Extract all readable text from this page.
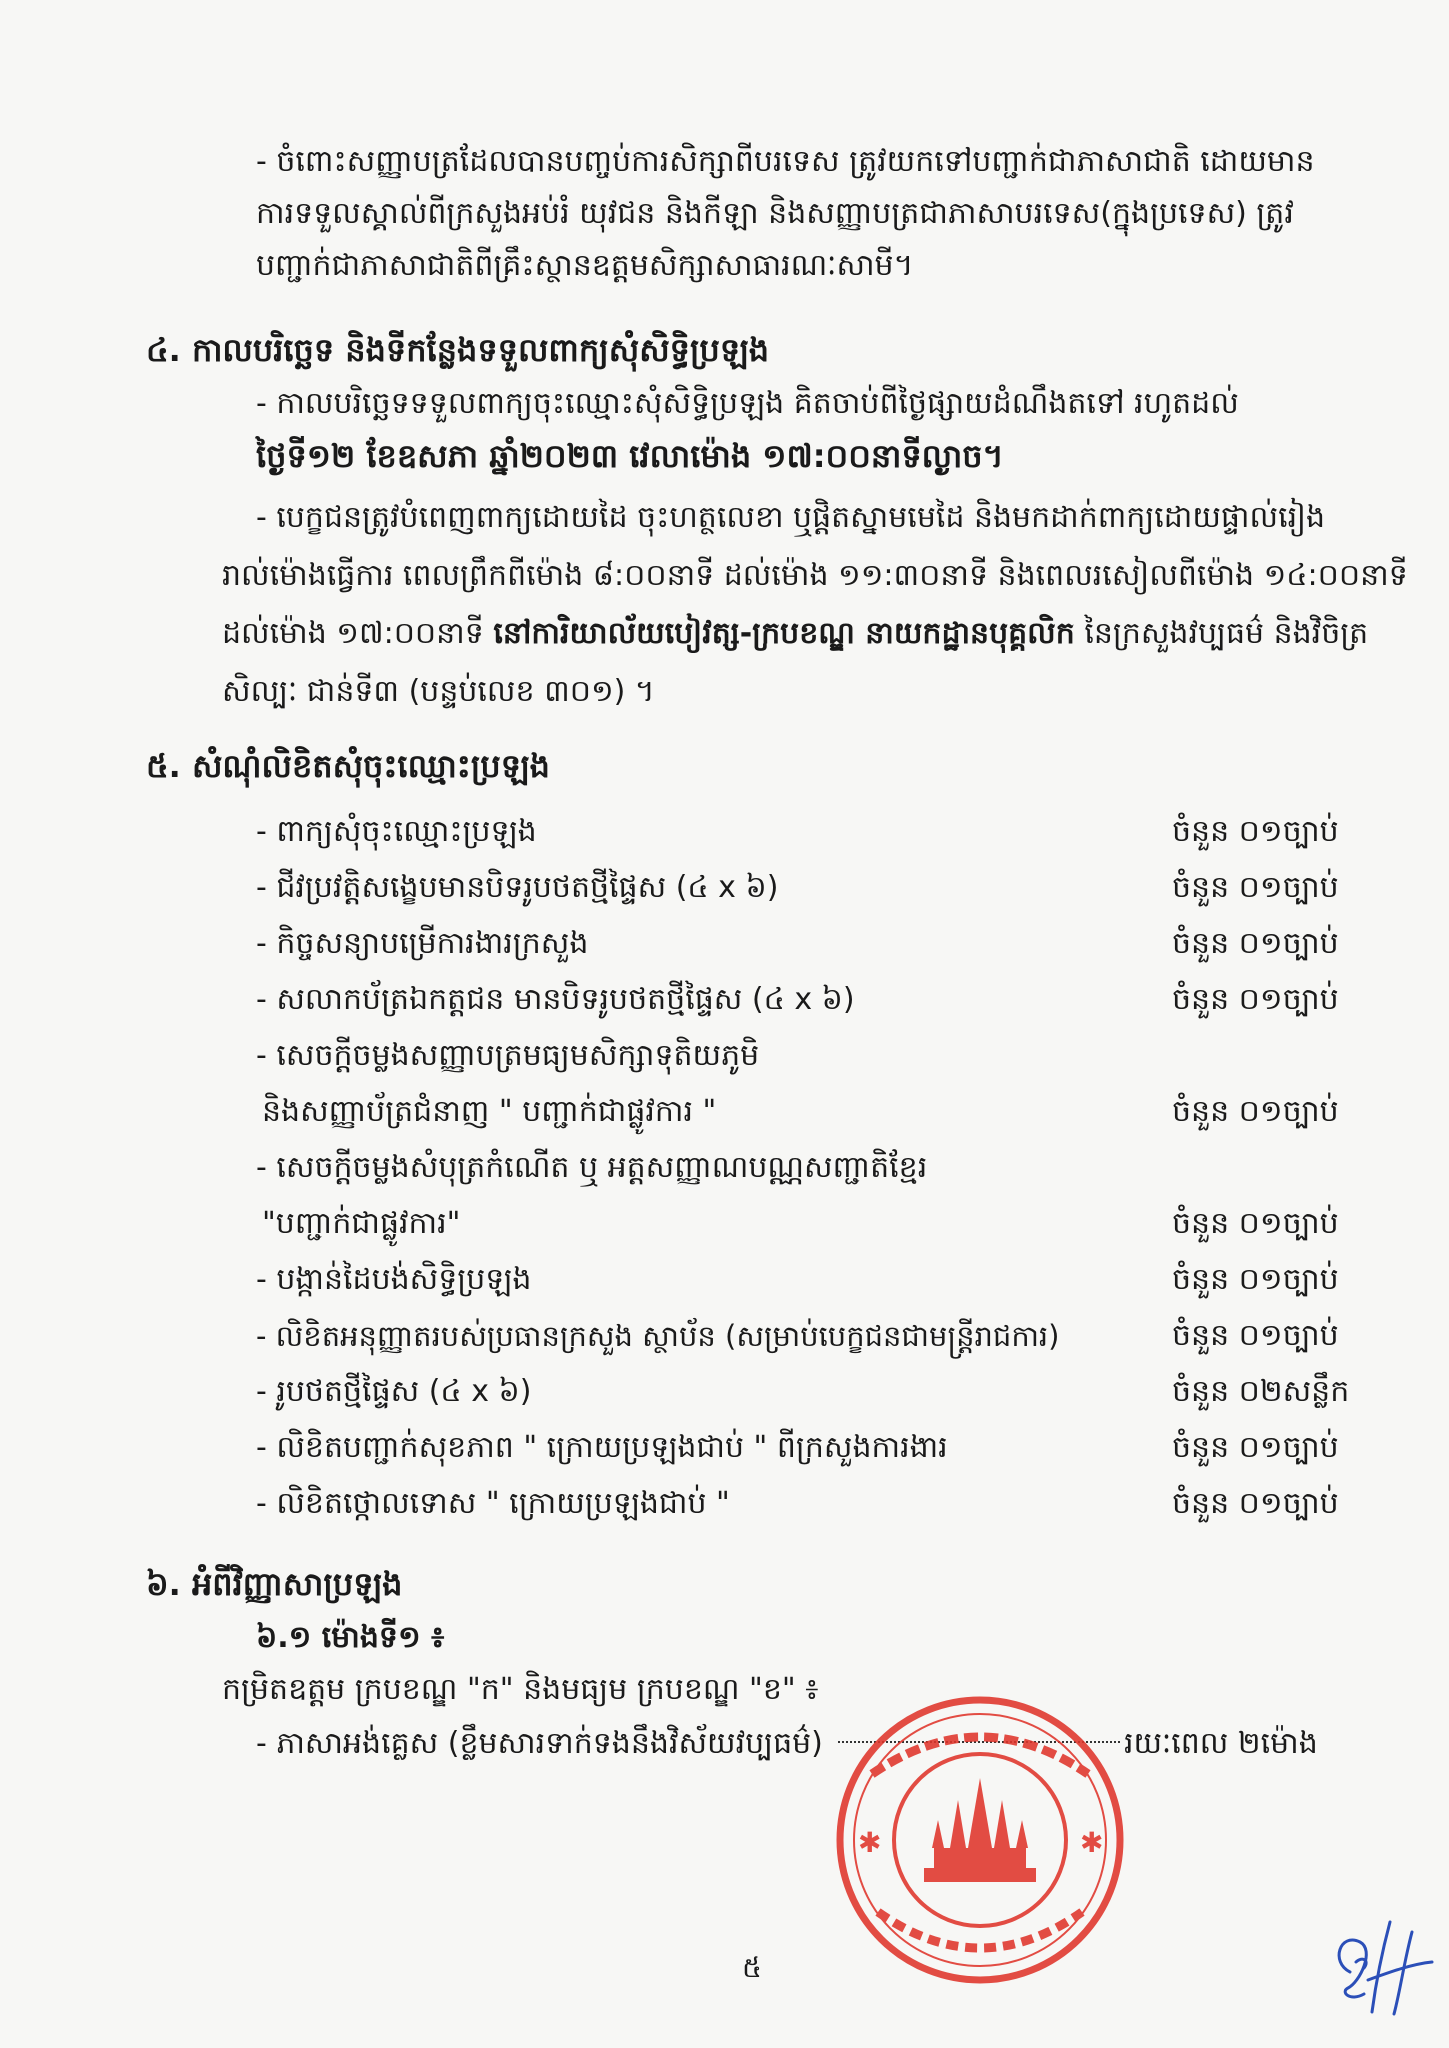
- ចំពោះសញ្ញាបត្រដែលបានបញ្ចប់ការសិក្សាពីបរទេស ត្រូវយកទៅបញ្ជាក់ជាភាសាជាតិ ដោយមាន
ការទទួលស្គាល់ពីក្រសួងអប់រំ យុវជន និងកីឡា និងសញ្ញាបត្រជាភាសាបរទេស(ក្នុងប្រទេស) ត្រូវ
បញ្ជាក់ជាភាសាជាតិពីគ្រឹះស្ថានឧត្តមសិក្សាសាធារណៈសាមី។
៤. កាលបរិច្ឆេទ និងទីកន្លែងទទួលពាក្យសុំសិទ្ធិប្រឡង
- កាលបរិច្ឆេទទទួលពាក្យចុះឈ្មោះសុំសិទ្ធិប្រឡង គិតចាប់ពីថ្ងៃផ្សាយដំណឹងតទៅ រហូតដល់
ថ្ងៃទី១២ ខែឧសភា ឆ្នាំ២០២៣ វេលាម៉ោង ១៧:០០នាទីល្ងាច។
- បេក្ខជនត្រូវបំពេញពាក្យដោយដៃ ចុះហត្ថលេខា ឬផ្តិតស្នាមមេដៃ និងមកដាក់ពាក្យដោយផ្ទាល់រៀង
រាល់ម៉ោងធ្វើការ ពេលព្រឹកពីម៉ោង ៨:០០នាទី ដល់ម៉ោង ១១:៣០នាទី និងពេលរសៀលពីម៉ោង ១៤:០០នាទី
ដល់ម៉ោង ១៧:០០នាទី នៅការិយាល័យបៀវត្ស-ក្របខណ្ឌ នាយកដ្ឋានបុគ្គលិក នៃក្រសួងវប្បធម៌ និងវិចិត្រ
សិល្បៈ ជាន់ទី៣ (បន្ទប់លេខ ៣០១) ។
៥. សំណុំលិខិតសុំចុះឈ្មោះប្រឡង
- ពាក្យសុំចុះឈ្មោះប្រឡង	ចំនួន ០១ច្បាប់
- ជីវប្រវត្តិសង្ខេបមានបិទរូបថតថ្មីផ្ទៃស (៤ x ៦)	ចំនួន ០១ច្បាប់
- កិច្ចសន្យាបម្រើការងារក្រសួង	ចំនួន ០១ច្បាប់
- សលាកប័ត្រឯកត្តជន មានបិទរូបថតថ្មីផ្ទៃស (៤ x ៦)	ចំនួន ០១ច្បាប់
- សេចក្តីចម្លងសញ្ញាបត្រមធ្យមសិក្សាទុតិយភូមិ
និងសញ្ញាប័ត្រជំនាញ " បញ្ជាក់ជាផ្លូវការ "	ចំនួន ០១ច្បាប់
- សេចក្តីចម្លងសំបុត្រកំណើត ឬ អត្តសញ្ញាណបណ្ណសញ្ជាតិខ្មែរ
"បញ្ជាក់ជាផ្លូវការ"	ចំនួន ០១ច្បាប់
- បង្កាន់ដៃបង់សិទ្ធិប្រឡង	ចំនួន ០១ច្បាប់
- លិខិតអនុញ្ញាតរបស់ប្រធានក្រសួង ស្ថាប័ន (សម្រាប់បេក្ខជនជាមន្ត្រីរាជការ)	ចំនួន ០១ច្បាប់
- រូបថតថ្មីផ្ទៃស (៤ x ៦)	ចំនួន ០២សន្លឹក
- លិខិតបញ្ជាក់សុខភាព " ក្រោយប្រឡងជាប់ " ពីក្រសួងការងារ	ចំនួន ០១ច្បាប់
- លិខិតថ្កោលទោស " ក្រោយប្រឡងជាប់ "	ចំនួន ០១ច្បាប់
៦. អំពីវិញ្ញាសាប្រឡង
៦.១ ម៉ោងទី១ ៖
កម្រិតឧត្តម ក្របខណ្ឌ "ក" និងមធ្យម ក្របខណ្ឌ "ខ" ៖
- ភាសាអង់គ្លេស (ខ្លឹមសារទាក់ទងនឹងវិស័យវប្បធម៌)	រយៈពេល ២ម៉ោង
៥
✱	✱
